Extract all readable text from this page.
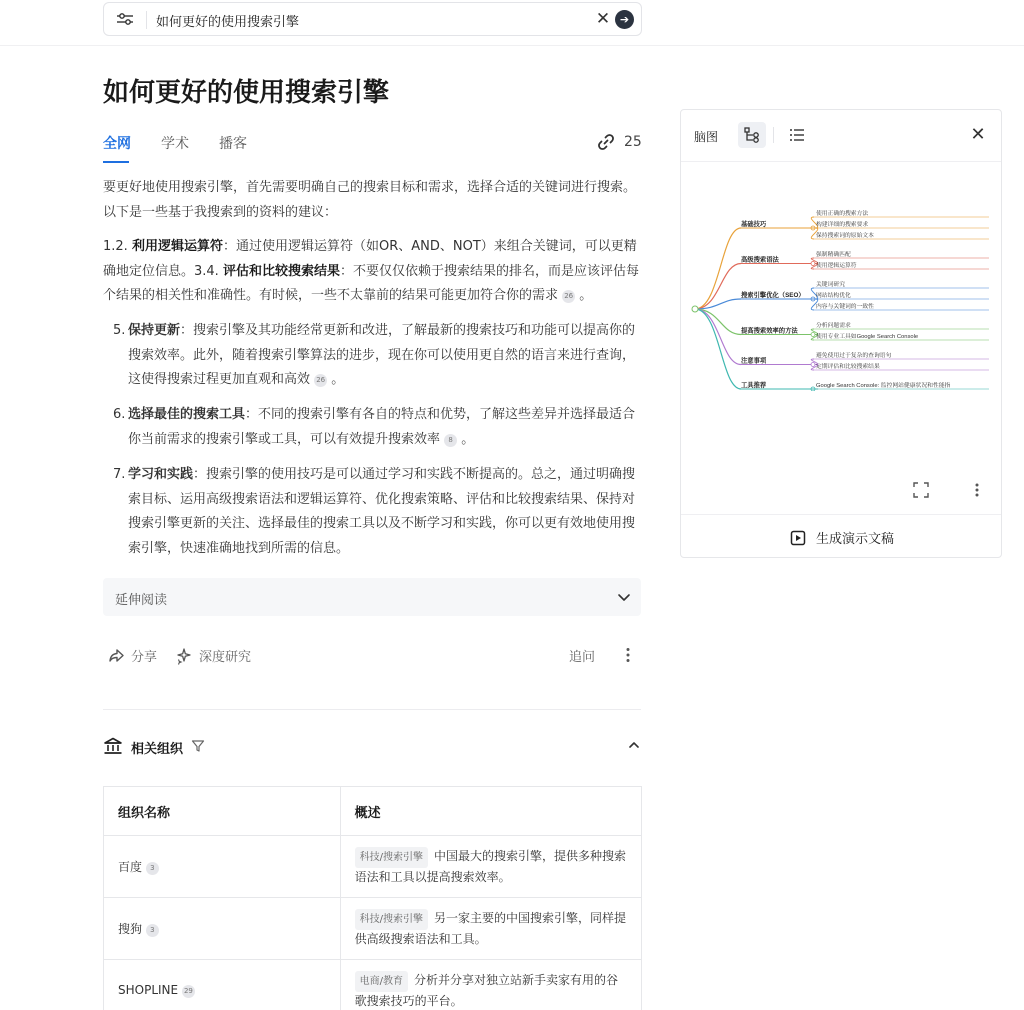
如何更好的使用搜索引擎	✕ ➔
如何更好的使用搜索引擎
全网 学术 播客	25

要更好地使用搜索引擎，首先需要明确自己的搜索目标和需求，选择合适的关键词进行搜索。以下是一些基于我搜索到的资料的建议：

1.2. 利用逻辑运算符：通过使用逻辑运算符（如OR、AND、NOT）来组合关键词，可以更精确地定位信息。3.4. 评估和比较搜索结果：不要仅仅依赖于搜索结果的排名，而是应该评估每个结果的相关性和准确性。有时候，一些不太靠前的结果可能更加符合你的需求 26 。

5. 保持更新：搜索引擎及其功能经常更新和改进，了解最新的搜索技巧和功能可以提高你的搜索效率。此外，随着搜索引擎算法的进步，现在你可以使用更自然的语言来进行查询，这使得搜索过程更加直观和高效 26 。
6. 选择最佳的搜索工具：不同的搜索引擎有各自的特点和优势，了解这些差异并选择最适合你当前需求的搜索引擎或工具，可以有效提升搜索效率 8 。
7. 学习和实践：搜索引擎的使用技巧是可以通过学习和实践不断提高的。总之，通过明确搜索目标、运用高级搜索语法和逻辑运算符、优化搜索策略、评估和比较搜索结果、保持对搜索引擎更新的关注、选择最佳的搜索工具以及不断学习和实践，你可以更有效地使用搜索引擎，快速准确地找到所需的信息。
延伸阅读
分享	深度研究	追问
相关组织
组织名称	概述
百度 3	科技/搜索引擎 中国最大的搜索引擎，提供多种搜索语法和工具以提高搜索效率。
搜狗 3	科技/搜索引擎 另一家主要的中国搜索引擎，同样提供高级搜索语法和工具。
SHOPLINE 29	电商/教育 分析并分享对独立站新手卖家有用的谷歌搜索技巧的平台。
脑图	✕
基础技巧
使用正确的搜索方法
构建详细的搜索要求
保持搜索词的原始文本
高级搜索语法
强制精确匹配
使用逻辑运算符
搜索引擎优化（SEO）
关键词研究
网站结构优化
内容与关键词的一致性
提高搜索效率的方法
分析问题需求
使用专业工具如Google Search Console
注意事项
避免使用过于复杂的查询语句
定期评估和比较搜索结果
工具推荐	Google Search Console: 监控网站健康状况和性能指
生成演示文稿
